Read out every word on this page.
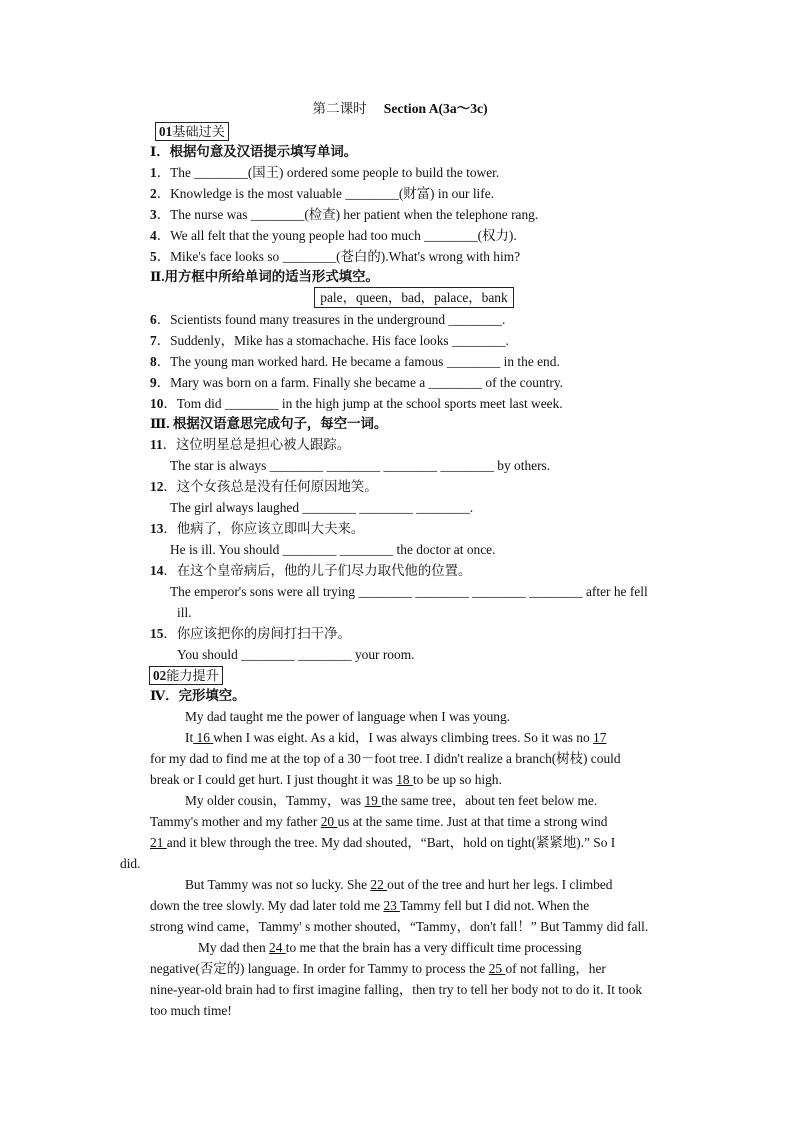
第二课时 Section A(3a～3c)
01基础过关
Ⅰ．根据句意及汉语提示填写单词。
1．The ________(国王) ordered some people to build the tower.
2．Knowledge is the most valuable ________(财富) in our life.
3．The nurse was ________(检查) her patient when the telephone rang.
4．We all felt that the young people had too much ________(权力).
5．Mike's face looks so ________(苍白的).What's wrong with him?
Ⅱ.用方框中所给单词的适当形式填空。
pale，queen，bad，palace，bank
6．Scientists found many treasures in the underground ________.
7．Suddenly，Mike has a stomachache. His face looks ________.
8．The young man worked hard. He became a famous ________ in the end.
9．Mary was born on a farm. Finally she became a ________ of the country.
10．Tom did ________ in the high jump at the school sports meet last week.
Ⅲ. 根据汉语意思完成句子，每空一词。
11．这位明星总是担心被人跟踪。
The star is always ________ ________ ________ ________ by others.
12．这个女孩总是没有任何原因地笑。
The girl always laughed ________ ________ ________.
13．他病了，你应该立即叫大夫来。
He is ill. You should ________ ________ the doctor at once.
14．在这个皇帝病后，他的儿子们尽力取代他的位置。
The emperor's sons were all trying ________ ________ ________ ________ after he fell
ill.
15．你应该把你的房间打扫干净。
You should ________ ________ your room.
02能力提升
Ⅳ．完形填空。
My dad taught me the power of language when I was young.
It 16 when I was eight. As a kid，I was always climbing trees. So it was no 17
for my dad to find me at the top of a 30－foot tree. I didn't realize a branch(树枝) could
break or I could get hurt. I just thought it was 18 to be up so high.
My older cousin，Tammy，was 19 the same tree，about ten feet below me.
Tammy's mother and my father 20 us at the same time. Just at that time a strong wind
21 and it blew through the tree. My dad shouted，“Bart，hold on tight(紧紧地).” So I
did.
But Tammy was not so lucky. She 22 out of the tree and hurt her legs. I climbed
down the tree slowly. My dad later told me 23 Tammy fell but I did not. When the
strong wind came，Tammy' s mother shouted，“Tammy，don't fall！” But Tammy did fall.
My dad then 24 to me that the brain has a very difficult time processing
negative(否定的) language. In order for Tammy to process the 25 of not falling，her
nine-year-old brain had to first imagine falling，then try to tell her body not to do it. It took
too much time!
